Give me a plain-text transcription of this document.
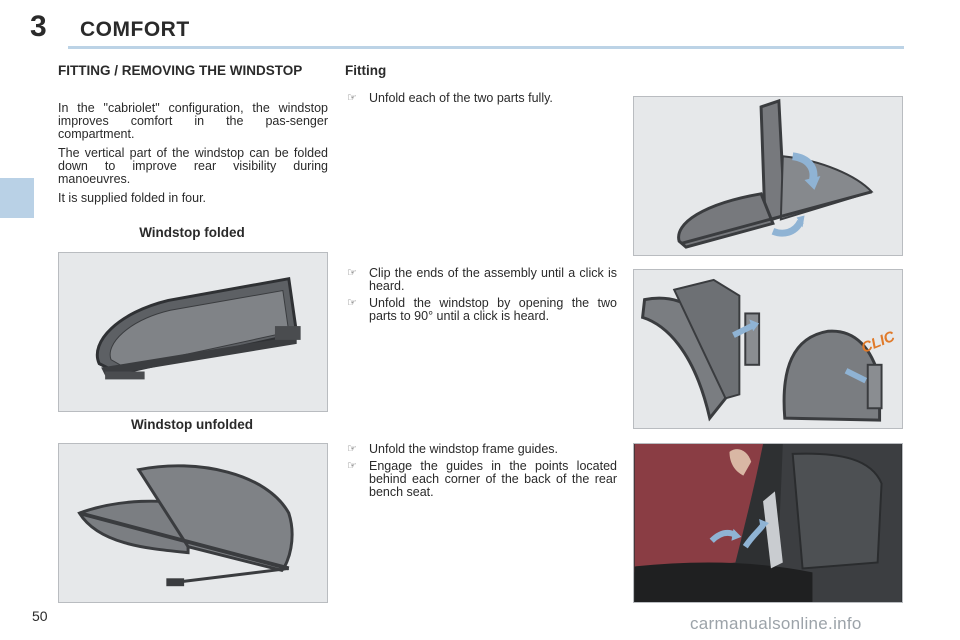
3 COMFORT
FITTING / REMOVING THE WINDSTOP

In the "cabriolet" configuration, the windstop improves comfort in the pas-senger compartment.

The vertical part of the windstop can be folded down to improve rear visibility during manoeuvres.

It is supplied folded in four.

Windstop folded
Windstop unfolded
Fitting
☞ Unfold each of the two parts fully.
☞ Clip the ends of the assembly until a click is heard.
☞ Unfold the windstop by opening the two parts to 90° until a click is heard.
☞ Unfold the windstop frame guides.
☞ Engage the guides in the points located behind each corner of the back of the rear bench seat.
CLIC
50	carmanualsonline.info
